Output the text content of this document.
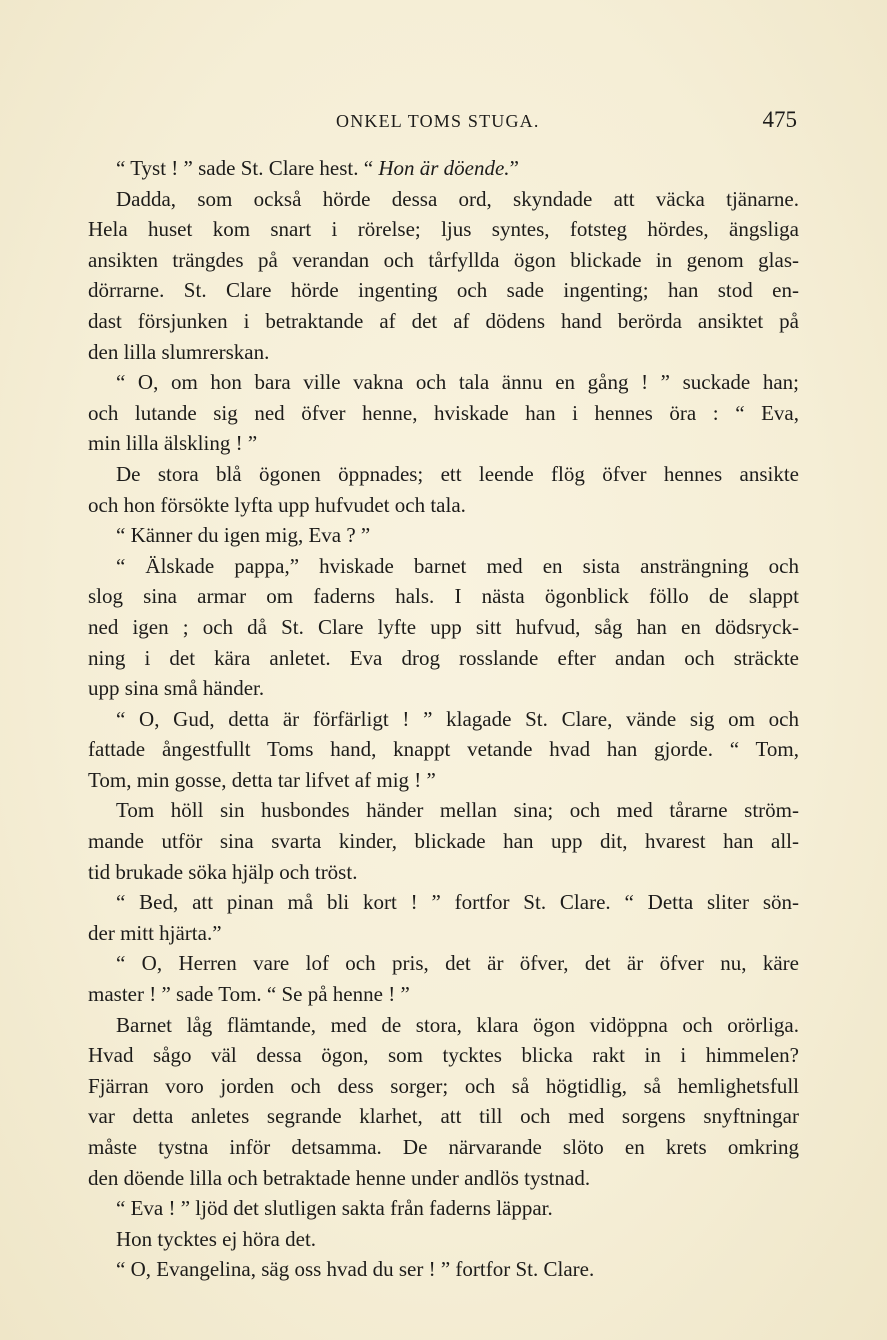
ONKEL TOMS STUGA.	475
“ Tyst ! ” sade St. Clare hest. “ Hon är döende.”
Dadda, som också hörde dessa ord, skyndade att väcka tjänarne.
Hela huset kom snart i rörelse; ljus syntes, fotsteg hördes, ängsliga
ansikten trängdes på verandan och tårfyllda ögon blickade in genom glas-
dörrarne. St. Clare hörde ingenting och sade ingenting; han stod en-
dast försjunken i betraktande af det af dödens hand berörda ansiktet på
den lilla slumrerskan.
“ O, om hon bara ville vakna och tala ännu en gång ! ” suckade han;
och lutande sig ned öfver henne, hviskade han i hennes öra : “ Eva,
min lilla älskling ! ”
De stora blå ögonen öppnades; ett leende flög öfver hennes ansikte
och hon försökte lyfta upp hufvudet och tala.
“ Känner du igen mig, Eva ? ”
“ Älskade pappa,” hviskade barnet med en sista ansträngning och
slog sina armar om faderns hals. I nästa ögonblick föllo de slappt
ned igen ; och då St. Clare lyfte upp sitt hufvud, såg han en dödsryck-
ning i det kära anletet. Eva drog rosslande efter andan och sträckte
upp sina små händer.
“ O, Gud, detta är förfärligt ! ” klagade St. Clare, vände sig om och
fattade ångestfullt Toms hand, knappt vetande hvad han gjorde. “ Tom,
Tom, min gosse, detta tar lifvet af mig ! ”
Tom höll sin husbondes händer mellan sina; och med tårarne ström-
mande utför sina svarta kinder, blickade han upp dit, hvarest han all-
tid brukade söka hjälp och tröst.
“ Bed, att pinan må bli kort ! ” fortfor St. Clare. “ Detta sliter sön-
der mitt hjärta.”
“ O, Herren vare lof och pris, det är öfver, det är öfver nu, käre
master ! ” sade Tom. “ Se på henne ! ”
Barnet låg flämtande, med de stora, klara ögon vidöppna och orörliga.
Hvad sågo väl dessa ögon, som tycktes blicka rakt in i himmelen?
Fjärran voro jorden och dess sorger; och så högtidlig, så hemlighetsfull
var detta anletes segrande klarhet, att till och med sorgens snyftningar
måste tystna inför detsamma. De närvarande slöto en krets omkring
den döende lilla och betraktade henne under andlös tystnad.
“ Eva ! ” ljöd det slutligen sakta från faderns läppar.
Hon tycktes ej höra det.
“ O, Evangelina, säg oss hvad du ser ! ” fortfor St. Clare.
